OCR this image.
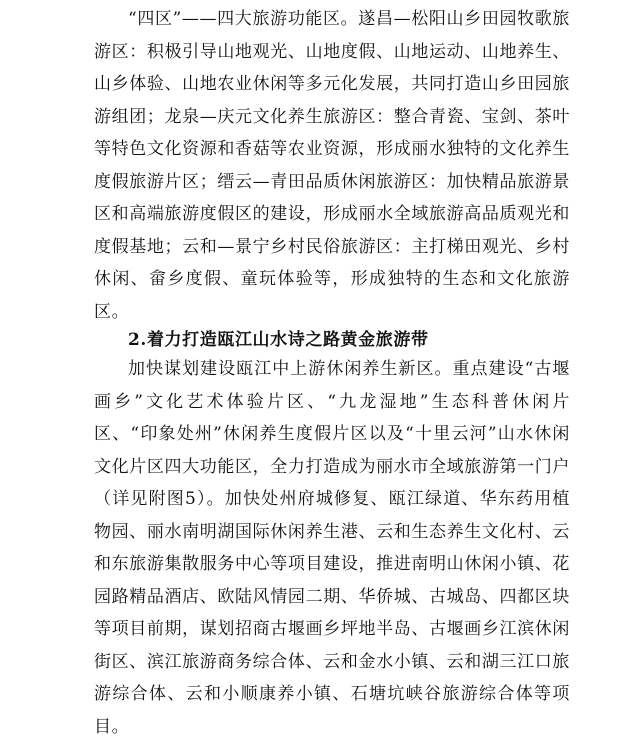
“四区”——四大旅游功能区。遂昌—松阳山乡田园牧歌旅游区：积极引导山地观光、山地度假、山地运动、山地养生、山乡体验、山地农业休闲等多元化发展，共同打造山乡田园旅游组团；龙泉—庆元文化养生旅游区：整合青瓷、宝剑、茶叶等特色文化资源和香菇等农业资源，形成丽水独特的文化养生度假旅游片区；缙云—青田品质休闲旅游区：加快精品旅游景区和高端旅游度假区的建设，形成丽水全域旅游高品质观光和度假基地；云和—景宁乡村民俗旅游区：主打梯田观光、乡村休闲、畲乡度假、童玩体验等，形成独特的生态和文化旅游区。

2.着力打造瓯江山水诗之路黄金旅游带

加快谋划建设瓯江中上游休闲养生新区。重点建设“古堰画乡”文化艺术体验片区、“九龙湿地”生态科普休闲片区、“印象处州”休闲养生度假片区以及“十里云河”山水休闲文化片区四大功能区，全力打造成为丽水市全域旅游第一门户（详见附图5）。加快处州府城修复、瓯江绿道、华东药用植物园、丽水南明湖国际休闲养生港、云和生态养生文化村、云和东旅游集散服务中心等项目建设，推进南明山休闲小镇、花园路精品酒店、欧陆风情园二期、华侨城、古城岛、四都区块等项目前期，谋划招商古堰画乡坪地半岛、古堰画乡江滨休闲街区、滨江旅游商务综合体、云和金水小镇、云和湖三江口旅游综合体、云和小顺康养小镇、石塘坑峡谷旅游综合体等项目。
